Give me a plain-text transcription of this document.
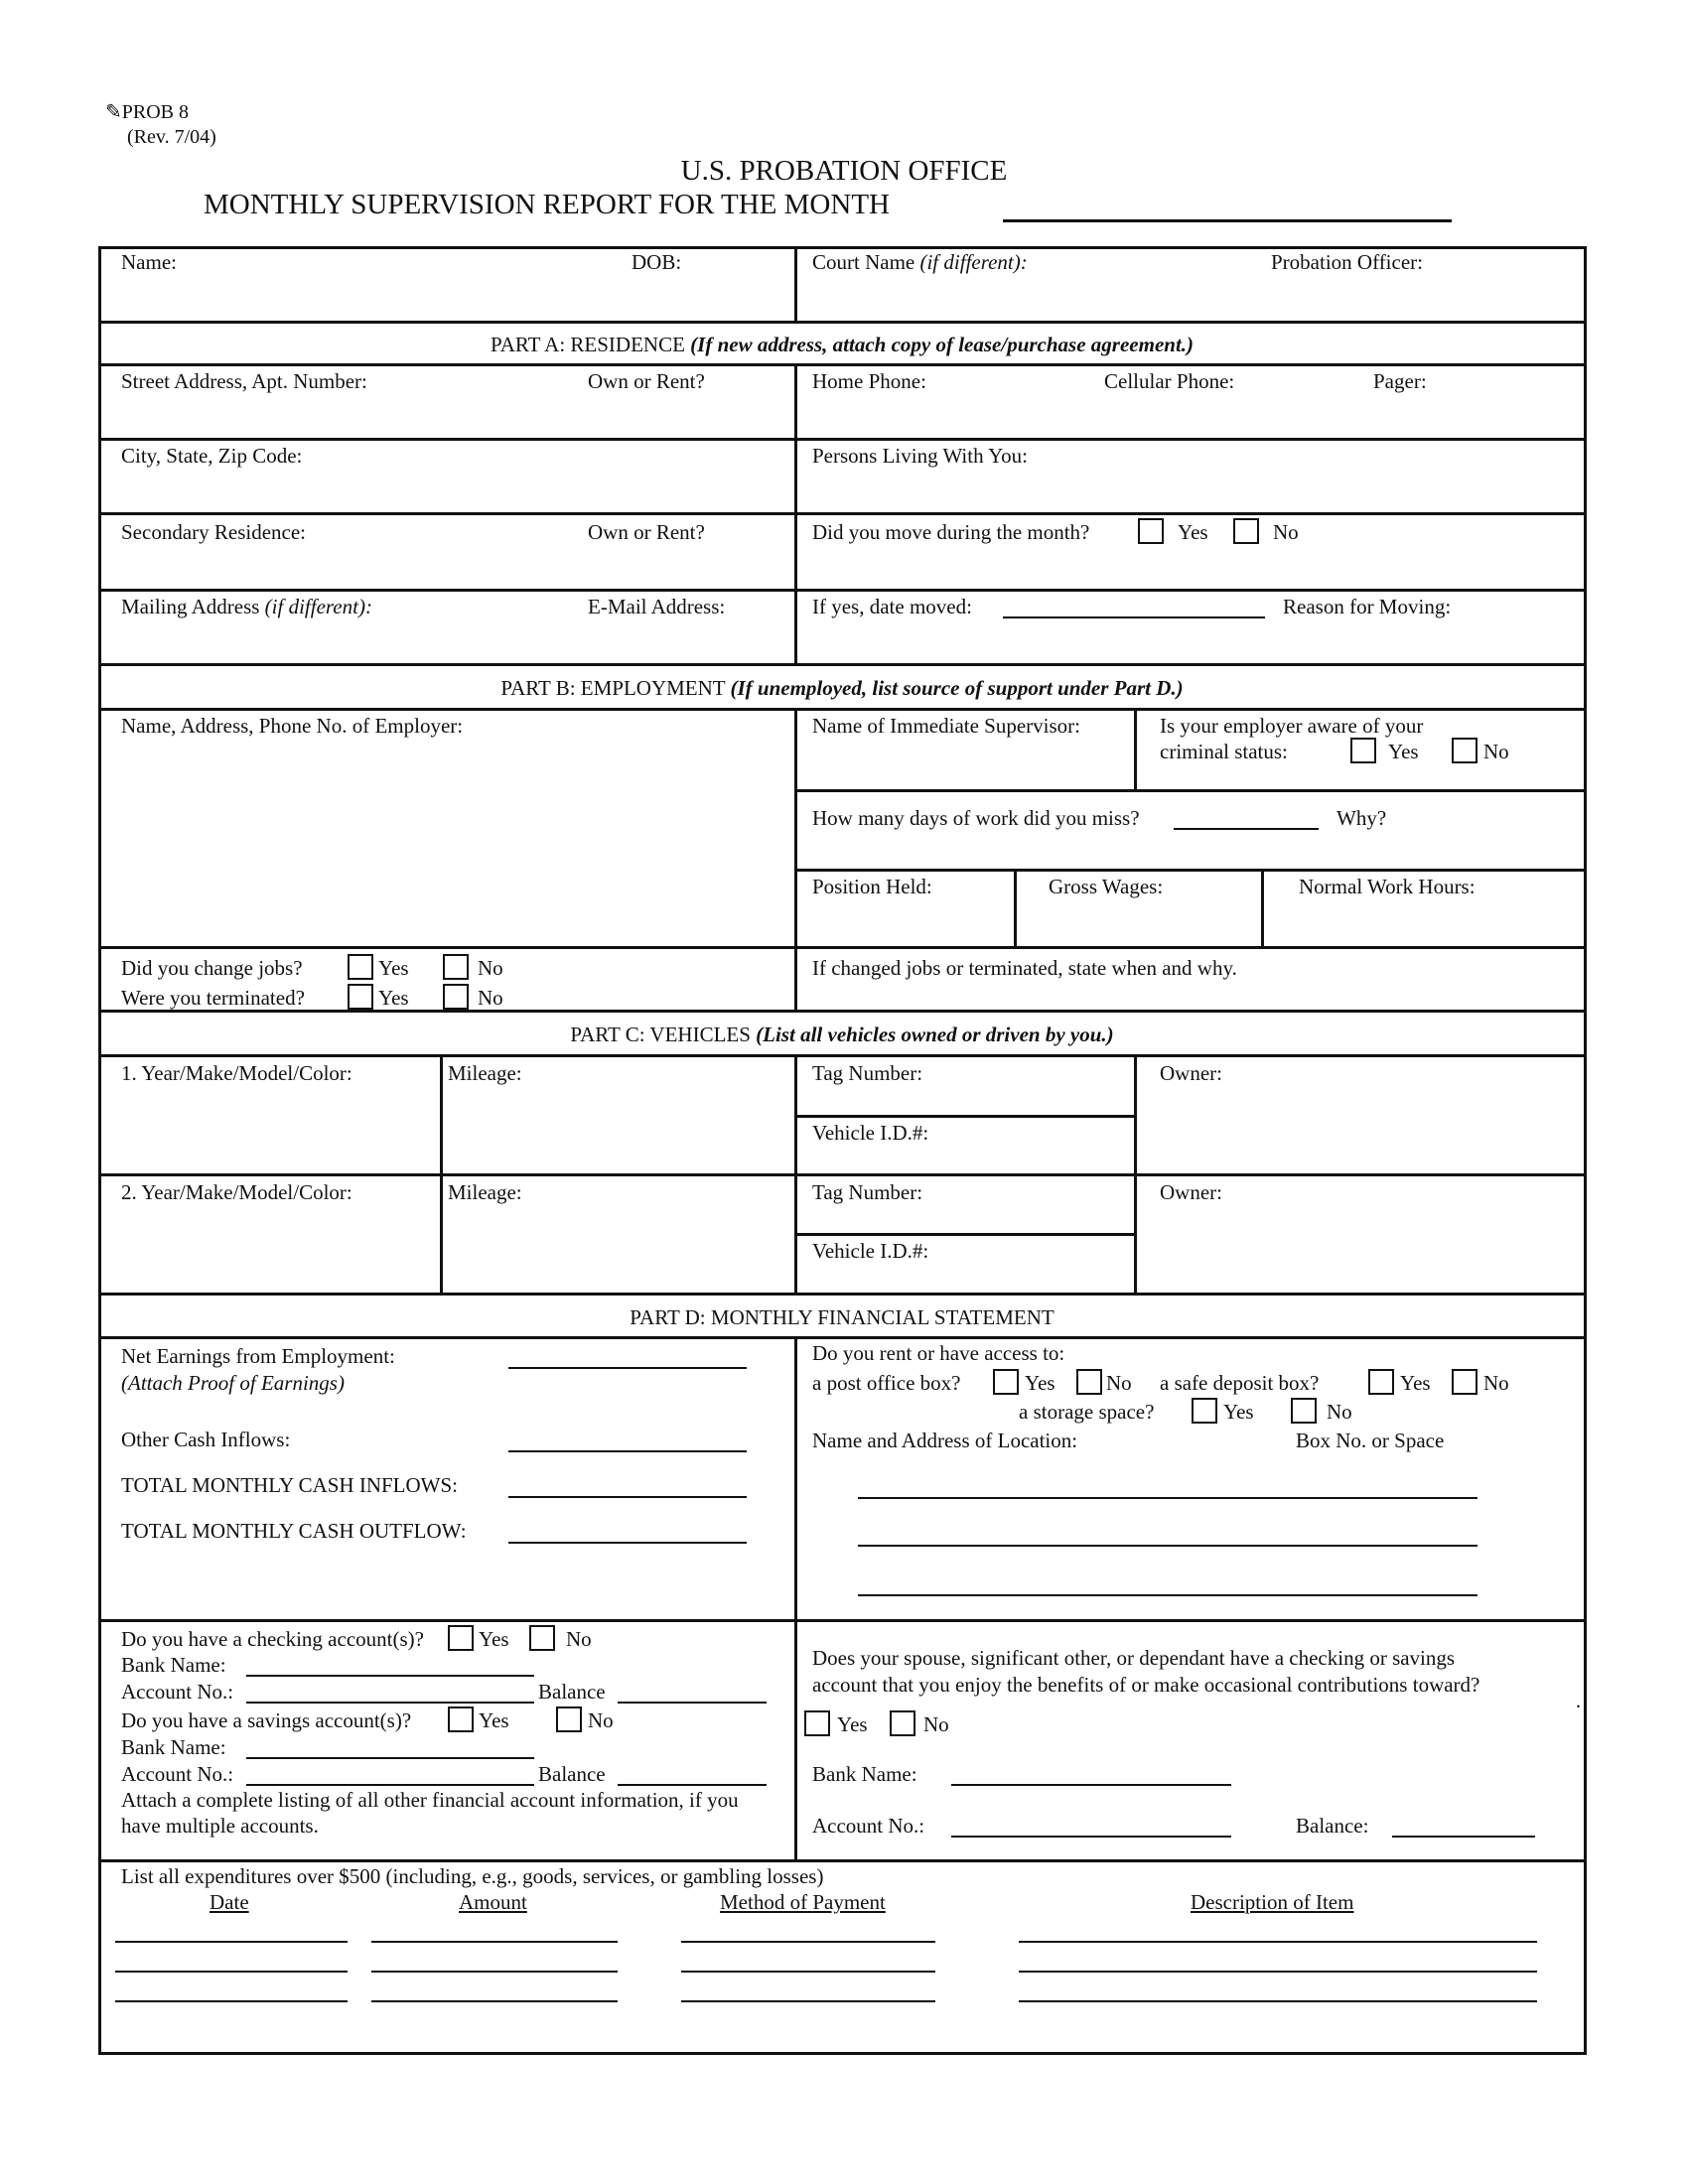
✎PROB 8
(Rev. 7/04)
U.S. PROBATION OFFICE
MONTHLY SUPERVISION REPORT FOR THE MONTH
Name:	DOB:	Court Name (if different):	Probation Officer:
PART A: RESIDENCE (If new address, attach copy of lease/purchase agreement.)
Street Address, Apt. Number:	Own or Rent?	Home Phone:	Cellular Phone:	Pager:
City, State, Zip Code:	Persons Living With You:
Secondary Residence:	Own or Rent?	Did you move during the month?	Yes	No
Mailing Address (if different):	E-Mail Address:	If yes, date moved:	Reason for Moving:
PART B: EMPLOYMENT (If unemployed, list source of support under Part D.)
Name, Address, Phone No. of Employer:	Name of Immediate Supervisor:	Is your employer aware of your
criminal status:	Yes	No
How many days of work did you miss?	Why?
Position Held:	Gross Wages:	Normal Work Hours:
Did you change jobs?	Yes	No
Were you terminated?	Yes	No
If changed jobs or terminated, state when and why.
PART C: VEHICLES (List all vehicles owned or driven by you.)
1. Year/Make/Model/Color:	Mileage:	Tag Number:	Owner:
Vehicle I.D.#:
2. Year/Make/Model/Color:	Mileage:	Tag Number:	Owner:
Vehicle I.D.#:
PART D: MONTHLY FINANCIAL STATEMENT
Net Earnings from Employment:
(Attach Proof of Earnings)
Other Cash Inflows:
TOTAL MONTHLY CASH INFLOWS:
TOTAL MONTHLY CASH OUTFLOW:
Do you rent or have access to:
a post office box?	Yes No a safe deposit box?	Yes	No
a storage space?	Yes	No
Name and Address of Location:	Box No. or Space
Do you have a checking account(s)?	Yes	No
Bank Name:
Account No.:	Balance
Do you have a savings account(s)?	Yes	No
Bank Name:
Account No.:	Balance
Attach a complete listing of all other financial account information, if you
have multiple accounts.
Does your spouse, significant other, or dependant have a checking or savings
account that you enjoy the benefits of or make occasional contributions toward?
Yes	No
Bank Name:
Account No.:	Balance:
·
List all expenditures over $500 (including, e.g., goods, services, or gambling losses)
Date	Amount	Method of Payment	Description of Item
